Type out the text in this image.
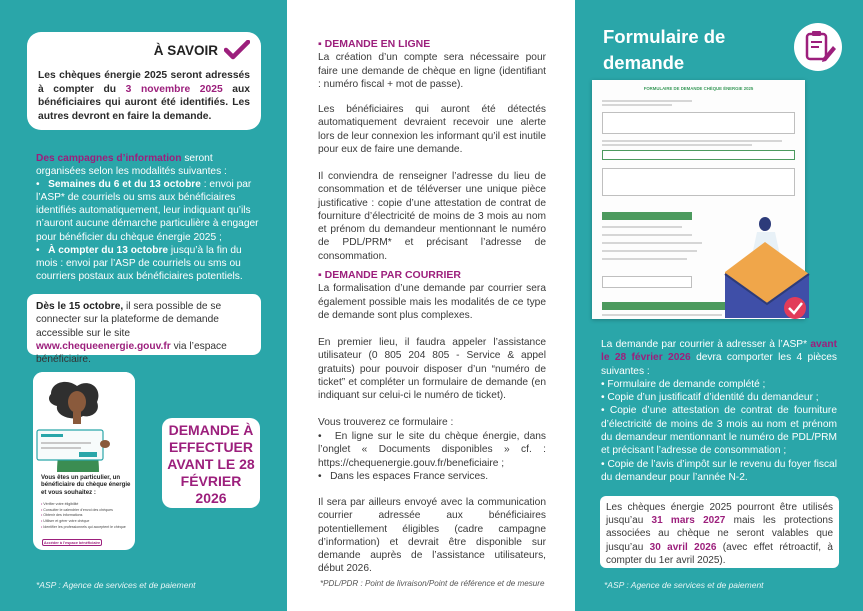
À SAVOIR
Les chèques énergie 2025 seront adressés à compter du 3 novembre 2025 aux bénéficiaires qui auront été identifiés. Les autres devront en faire la demande.

Des campagnes d’information seront organisées selon les modalités suivantes :

•   Semaines du 6 et du 13 octobre : envoi par l’ASP* de courriels ou sms aux bénéficiaires identifiés automatiquement, leur indiquant qu’ils n’auront aucune démarche particulière à engager pour bénéficier du chèque énergie 2025 ;

•   À compter du 13 octobre jusqu’à la fin du mois : envoi par l’ASP de courriels ou sms ou courriers postaux aux bénéficiaires potentiels.

Dès le 15 octobre, il sera possible de se connecter sur la plateforme de demande accessible sur le site www.chequeenergie.gouv.fr via l’espace bénéficiaire.
Vous êtes un particulier, un bénéficiaire du chèque énergie et vous souhaitez :
• Vérifier votre éligibilité
• Consulter le calendrier d'envoi des chèques
• Obtenir des informations
• Utiliser et gérer votre chèque
• Identifier les professionnels qui acceptent le chèque
Accéder à l'espace bénéficiaire
DEMANDE À EFFECTUER AVANT LE 28 FÉVRIER 2026
*ASP : Agence de services et de paiement
▪ DEMANDE EN LIGNE

La création d’un compte sera nécessaire pour faire une demande de chèque en ligne (identifiant : numéro fiscal + mot de passe).

Les bénéficiaires qui auront été détectés automatiquement devraient recevoir une alerte lors de leur connexion les informant qu’il est inutile pour eux de faire une demande.
Il conviendra de renseigner l’adresse du lieu de consommation et de téléverser une unique pièce justificative : copie d’une attestation de contrat de fourniture d’électricité de moins de 3 mois au nom et prénom du demandeur mentionnant le numéro de PDL/PRM* et précisant l’adresse de consommation.
▪ DEMANDE PAR COURRIER

La formalisation d’une demande par courrier sera également possible mais les modalités de ce type de demande sont plus complexes.

En premier lieu, il faudra appeler l’assistance utilisateur (0 805 204 805 - Service & appel gratuits) pour pouvoir disposer d’un “numéro de ticket” et compléter un formulaire de demande (en indiquant sur celui-ci le numéro de ticket).
Vous trouverez ce formulaire :

•   En ligne sur le site du chèque énergie, dans l’onglet « Documents disponibles » cf. : https://chequenergie.gouv.fr/beneficiaire ;

•   Dans les espaces France services.

Il sera par ailleurs envoyé avec la communication courrier adressée aux bénéficiaires potentiellement éligibles (cadre campagne d’information) et devrait être disponible sur demande auprès de l’assistance utilisateurs, début 2026.
*PDL/PDR : Point de livraison/Point de référence et de mesure
Formulaire de
demande
FORMULAIRE DE DEMANDE CHÈQUE ÉNERGIE 2025

La demande par courrier à adresser à l’ASP* avant le 28 février 2026 devra comporter les 4 pièces suivantes :

• Formulaire de demande complété ;
• Copie d’un justificatif d’identité du demandeur ;
• Copie d’une attestation de contrat de fourniture d’électricité de moins de 3 mois au nom et prénom du demandeur mentionnant le numéro de PDL/PRM et précisant l’adresse de consommation ;
• Copie de l’avis d’impôt sur le revenu du foyer fiscal du demandeur pour l’année N-2.
Les chèques énergie 2025 pourront être utilisés jusqu’au 31 mars 2027 mais les protections associées au chèque ne seront valables que jusqu’au 30 avril 2026 (avec effet rétroactif, à compter du 1er avril 2025).
*ASP : Agence de services et de paiement
